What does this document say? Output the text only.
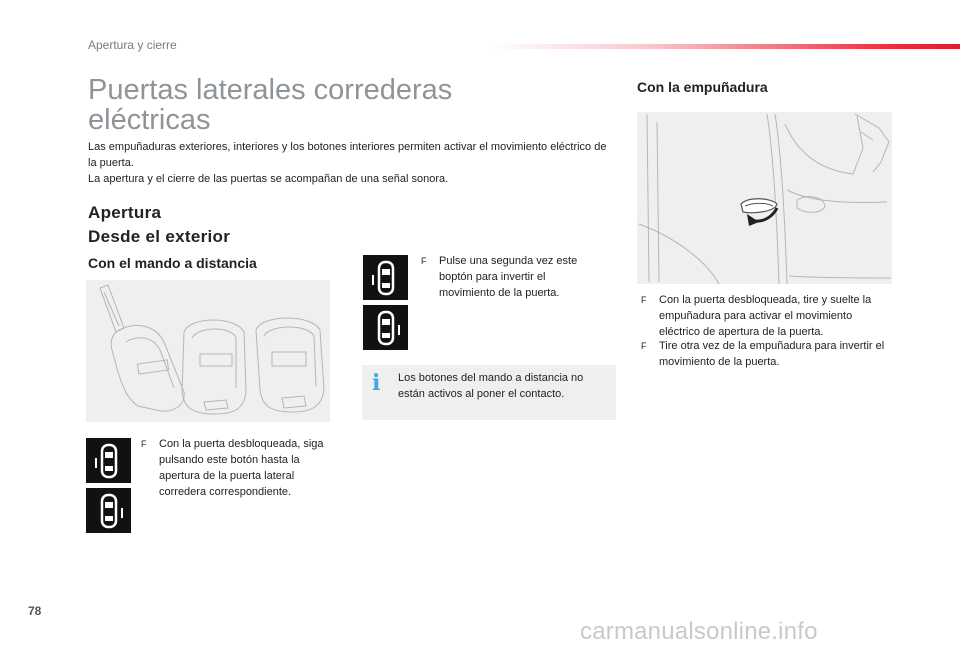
Apertura y cierre
Puertas laterales correderas
eléctricas

Las empuñaduras exteriores, interiores y los botones interiores permiten activar el movimiento eléctrico de la puerta.

La apertura y el cierre de las puertas se acompañan de una señal sonora.

Apertura
Desde el exterior
Con el mando a distancia
Con la empuñadura
F	Con la puerta desbloqueada, siga pulsando este botón hasta la apertura de la puerta lateral corredera correspondiente.
F	Pulse una segunda vez este boptón para invertir el movimiento de la puerta.
i Los botones del mando a distancia no están activos al poner el contacto.
F	Con la puerta desbloqueada, tire y suelte la empuñadura para activar el movimiento eléctrico de apertura de la puerta.
F	Tire otra vez de la empuñadura para invertir el movimiento de la puerta.
78
carmanualsonline.info
